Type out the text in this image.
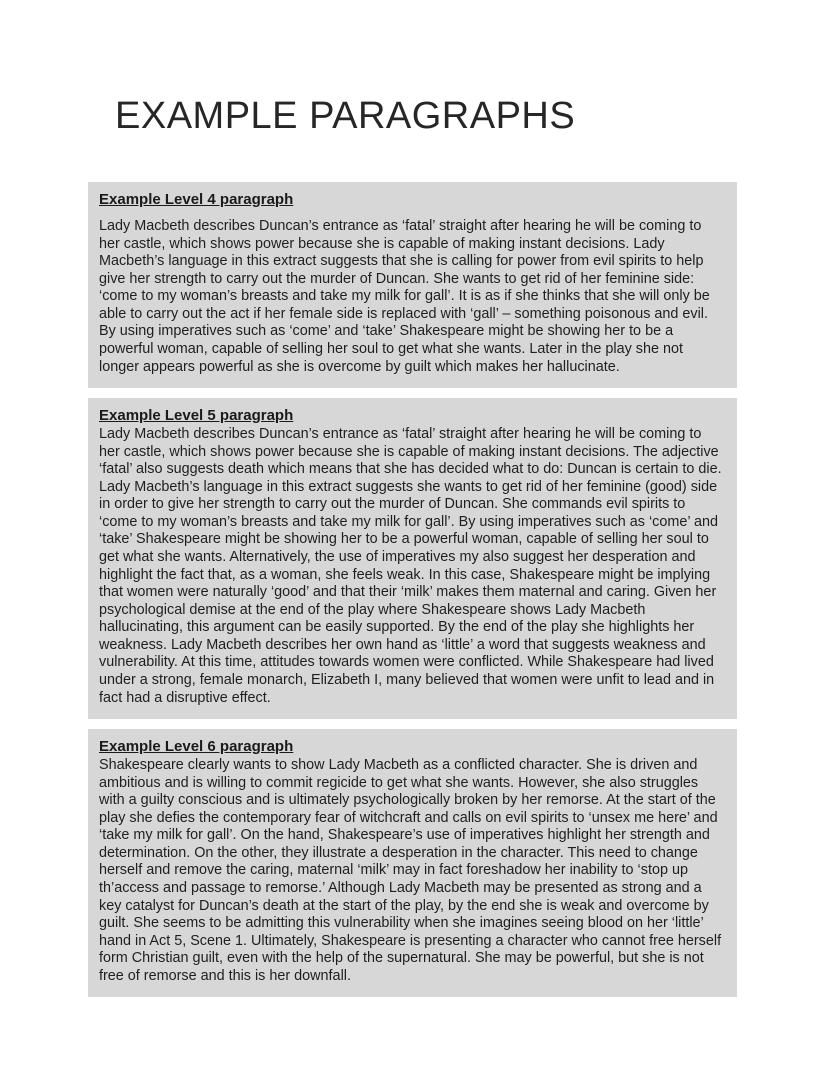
EXAMPLE PARAGRAPHS
Example Level 4 paragraph

Lady Macbeth describes Duncan’s entrance as ‘fatal’ straight after hearing he will be coming to her castle, which shows power because she is capable of making instant decisions. Lady Macbeth’s language in this extract suggests that she is calling for power from evil spirits to help give her strength to carry out the murder of Duncan. She wants to get rid of her feminine side: ‘come to my woman’s breasts and take my milk for gall’. It is as if she thinks that she will only be able to carry out the act if her female side is replaced with ‘gall’ – something poisonous and evil. By using imperatives such as ‘come’ and ‘take’ Shakespeare might be showing her to be a powerful woman, capable of selling her soul to get what she wants. Later in the play she not longer appears powerful as she is overcome by guilt which makes her hallucinate.

Example Level 5 paragraph

Lady Macbeth describes Duncan’s entrance as ‘fatal’ straight after hearing he will be coming to her castle, which shows power because she is capable of making instant decisions. The adjective ‘fatal’ also suggests death which means that she has decided what to do: Duncan is certain to die. Lady Macbeth’s language in this extract suggests she wants to get rid of her feminine (good) side in order to give her strength to carry out the murder of Duncan. She commands evil spirits to ‘come to my woman’s breasts and take my milk for gall’. By using imperatives such as ‘come’ and ‘take’ Shakespeare might be showing her to be a powerful woman, capable of selling her soul to get what she wants. Alternatively, the use of imperatives my also suggest her desperation and highlight the fact that, as a woman, she feels weak. In this case, Shakespeare might be implying that women were naturally ‘good’ and that their ‘milk’ makes them maternal and caring. Given her psychological demise at the end of the play where Shakespeare shows Lady Macbeth hallucinating, this argument can be easily supported. By the end of the play she highlights her weakness. Lady Macbeth describes her own hand as ‘little’ a word that suggests weakness and vulnerability. At this time, attitudes towards women were conflicted. While Shakespeare had lived under a strong, female monarch, Elizabeth I, many believed that women were unfit to lead and in fact had a disruptive effect.

Example Level 6 paragraph

Shakespeare clearly wants to show Lady Macbeth as a conflicted character. She is driven and ambitious and is willing to commit regicide to get what she wants. However, she also struggles with a guilty conscious and is ultimately psychologically broken by her remorse. At the start of the play she defies the contemporary fear of witchcraft and calls on evil spirits to ‘unsex me here’ and ‘take my milk for gall’. On the hand, Shakespeare’s use of imperatives highlight her strength and determination. On the other, they illustrate a desperation in the character. This need to change herself and remove the caring, maternal ‘milk’ may in fact foreshadow her inability to ‘stop up th’access and passage to remorse.’ Although Lady Macbeth may be presented as strong and a key catalyst for Duncan’s death at the start of the play, by the end she is weak and overcome by guilt. She seems to be admitting this vulnerability when she imagines seeing blood on her ‘little’ hand in Act 5, Scene 1. Ultimately, Shakespeare is presenting a character who cannot free herself form Christian guilt, even with the help of the supernatural. She may be powerful, but she is not free of remorse and this is her downfall.
